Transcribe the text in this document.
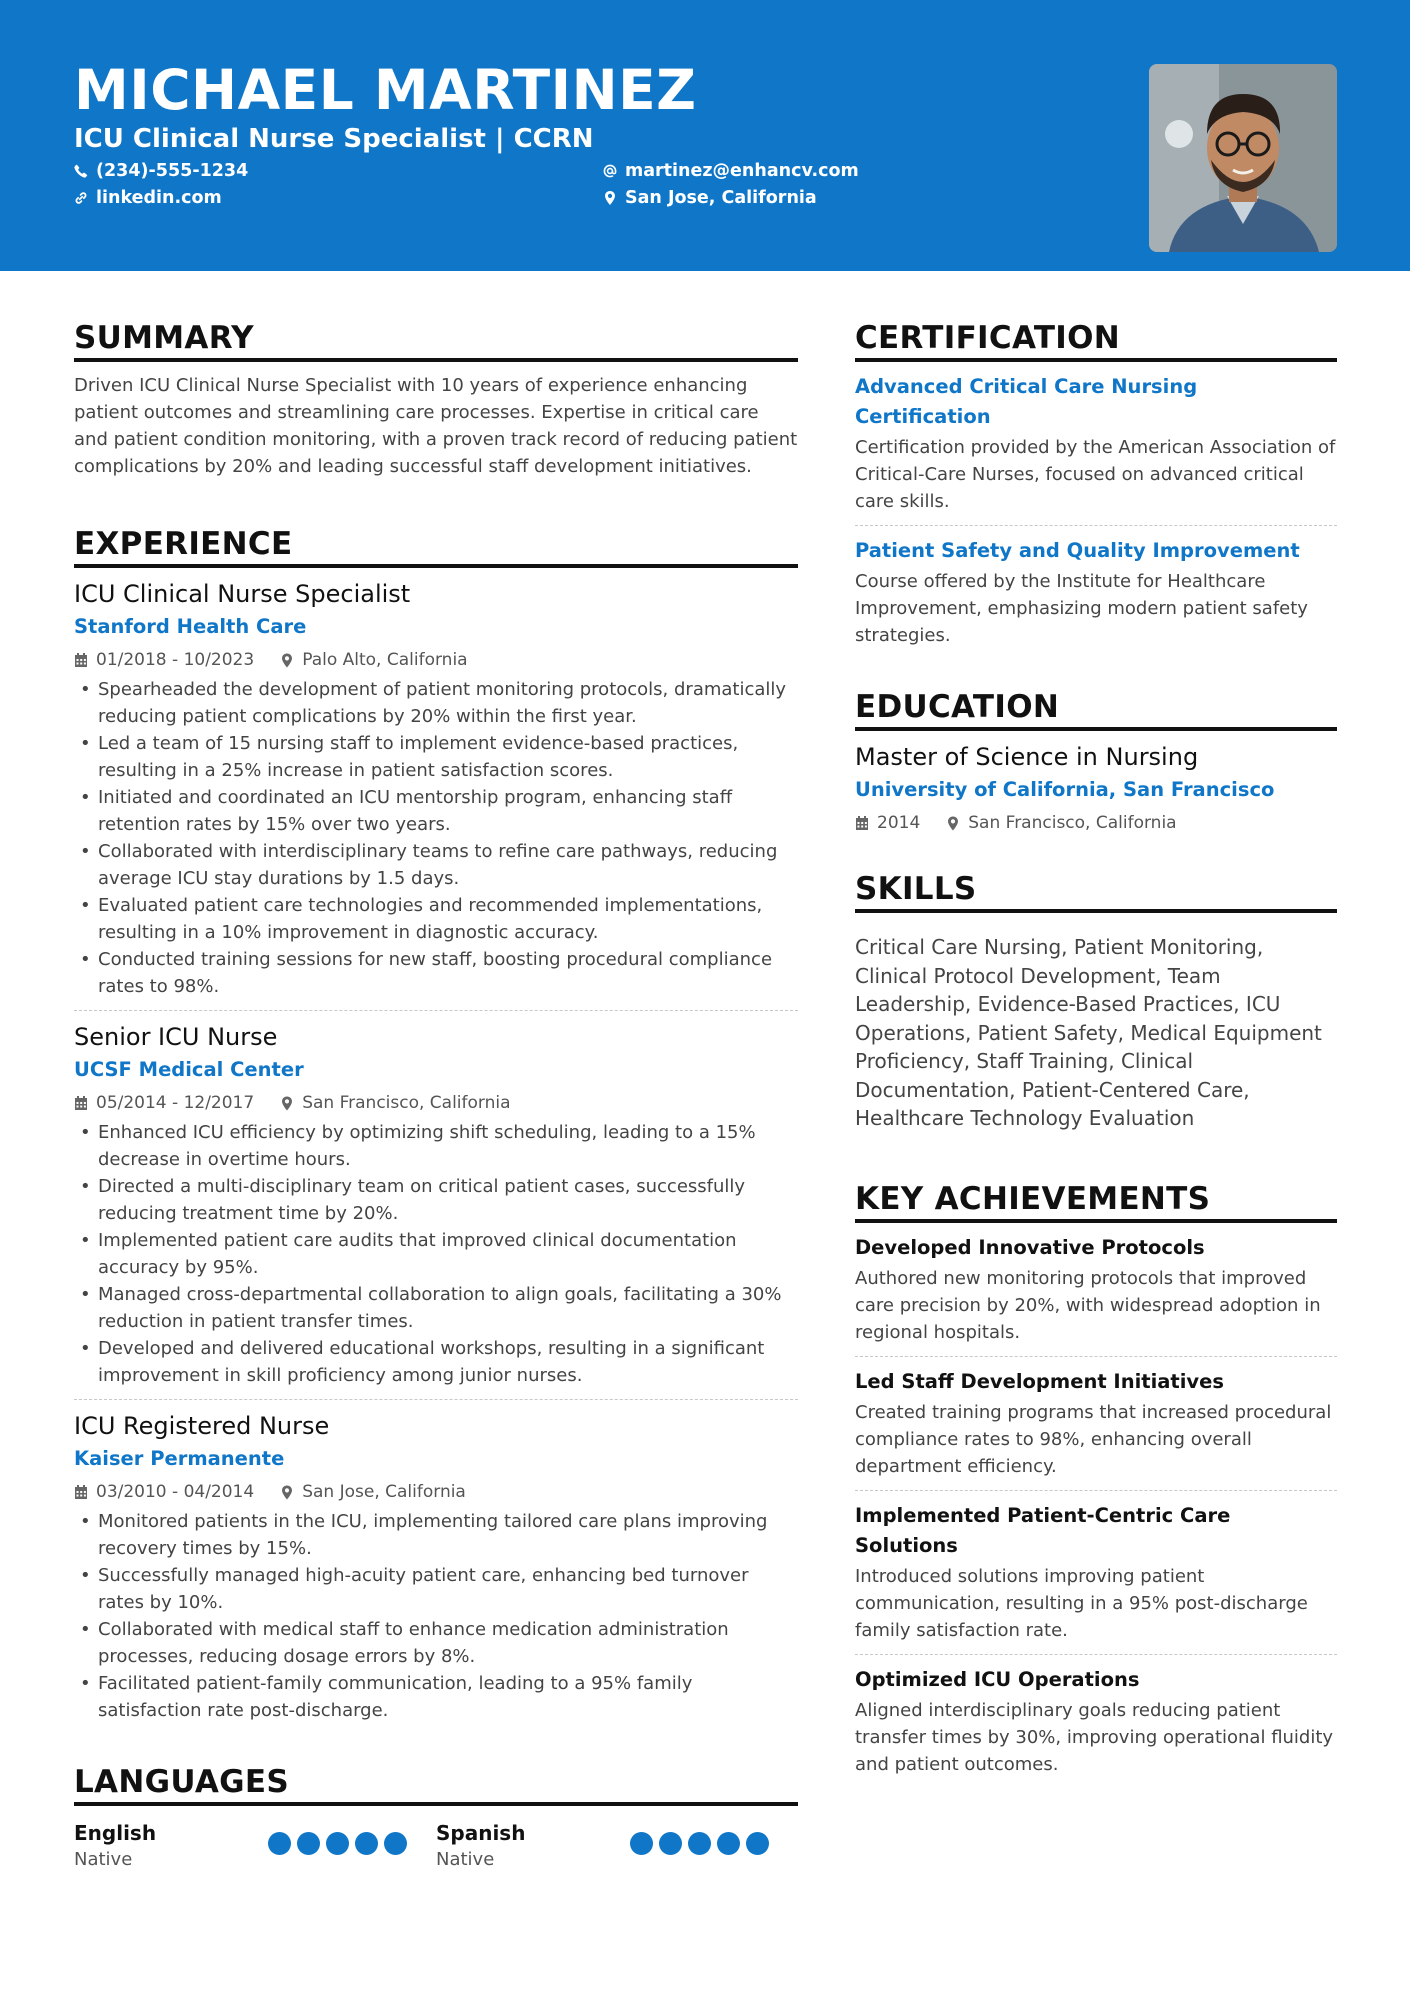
MICHAEL MARTINEZ
ICU Clinical Nurse Specialist | CCRN
(234)-555-1234
linkedin.com
martinez@enhancv.com
San Jose, California
SUMMARY

Driven ICU Clinical Nurse Specialist with 10 years of experience enhancing patient outcomes and streamlining care processes. Expertise in critical care and patient condition monitoring, with a proven track record of reducing patient complications by 20% and leading successful staff development initiatives.

EXPERIENCE
ICU Clinical Nurse Specialist
Stanford Health Care
01/2018 - 10/2023	Palo Alto, California
• Spearheaded the development of patient monitoring protocols, dramatically reducing patient complications by 20% within the first year.
• Led a team of 15 nursing staff to implement evidence-based practices, resulting in a 25% increase in patient satisfaction scores.
• Initiated and coordinated an ICU mentorship program, enhancing staff retention rates by 15% over two years.
• Collaborated with interdisciplinary teams to refine care pathways, reducing average ICU stay durations by 1.5 days.
• Evaluated patient care technologies and recommended implementations, resulting in a 10% improvement in diagnostic accuracy.
• Conducted training sessions for new staff, boosting procedural compliance rates to 98%.
Senior ICU Nurse
UCSF Medical Center
05/2014 - 12/2017	San Francisco, California
• Enhanced ICU efficiency by optimizing shift scheduling, leading to a 15% decrease in overtime hours.
• Directed a multi-disciplinary team on critical patient cases, successfully reducing treatment time by 20%.
• Implemented patient care audits that improved clinical documentation accuracy by 95%.
• Managed cross-departmental collaboration to align goals, facilitating a 30% reduction in patient transfer times.
• Developed and delivered educational workshops, resulting in a significant improvement in skill proficiency among junior nurses.
ICU Registered Nurse
Kaiser Permanente
03/2010 - 04/2014	San Jose, California
• Monitored patients in the ICU, implementing tailored care plans improving recovery times by 15%.
• Successfully managed high-acuity patient care, enhancing bed turnover rates by 10%.
• Collaborated with medical staff to enhance medication administration processes, reducing dosage errors by 8%.
• Facilitated patient-family communication, leading to a 95% family satisfaction rate post-discharge.
LANGUAGES
English
Native
Spanish
Native
CERTIFICATION
Advanced Critical Care Nursing Certification

Certification provided by the American Association of Critical-Care Nurses, focused on advanced critical care skills.

Patient Safety and Quality Improvement

Course offered by the Institute for Healthcare Improvement, emphasizing modern patient safety strategies.

EDUCATION
Master of Science in Nursing
University of California, San Francisco
2014	San Francisco, California
SKILLS

Critical Care Nursing, Patient Monitoring, Clinical Protocol Development, Team Leadership, Evidence-Based Practices, ICU Operations, Patient Safety, Medical Equipment Proficiency, Staff Training, Clinical Documentation, Patient-Centered Care, Healthcare Technology Evaluation

KEY ACHIEVEMENTS
Developed Innovative Protocols

Authored new monitoring protocols that improved care precision by 20%, with widespread adoption in regional hospitals.

Led Staff Development Initiatives

Created training programs that increased procedural compliance rates to 98%, enhancing overall department efficiency.

Implemented Patient-Centric Care Solutions

Introduced solutions improving patient communication, resulting in a 95% post-discharge family satisfaction rate.

Optimized ICU Operations

Aligned interdisciplinary goals reducing patient transfer times by 30%, improving operational fluidity and patient outcomes.
